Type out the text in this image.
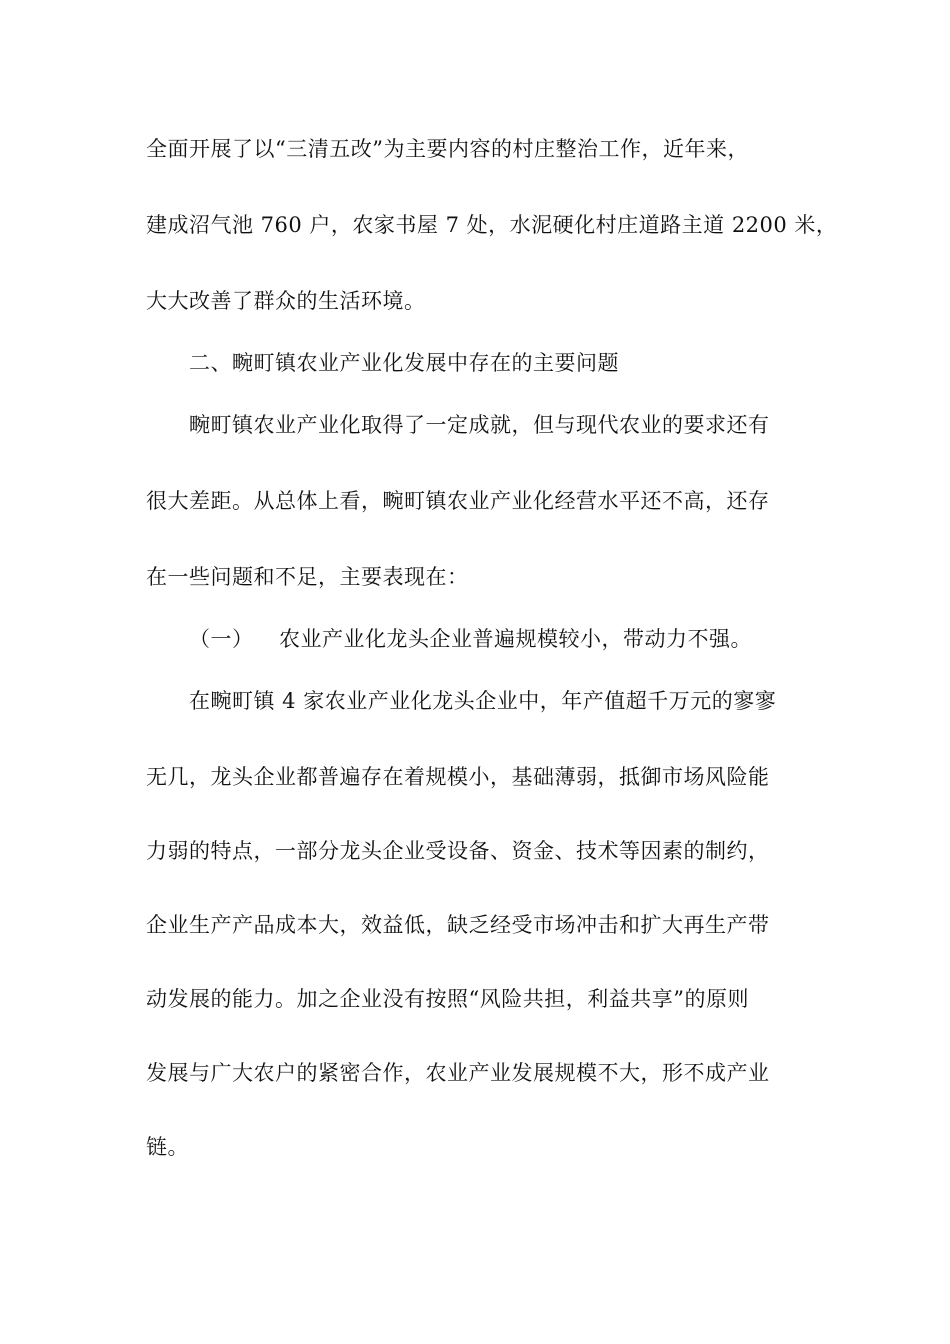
全面开展了以“三清五改”为主要内容的村庄整治工作，近年来，
建成沼气池 760 户，农家书屋 7 处，水泥硬化村庄道路主道 2200 米，
大大改善了群众的生活环境。
二、畹町镇农业产业化发展中存在的主要问题
畹町镇农业产业化取得了一定成就，但与现代农业的要求还有
很大差距。从总体上看，畹町镇农业产业化经营水平还不高，还存
在一些问题和不足，主要表现在：
（一） 农业产业化龙头企业普遍规模较小，带动力不强。
在畹町镇 4 家农业产业化龙头企业中，年产值超千万元的寥寥
无几，龙头企业都普遍存在着规模小，基础薄弱，抵御市场风险能
力弱的特点，一部分龙头企业受设备、资金、技术等因素的制约，
企业生产产品成本大，效益低，缺乏经受市场冲击和扩大再生产带
动发展的能力。加之企业没有按照“风险共担，利益共享”的原则
发展与广大农户的紧密合作，农业产业发展规模不大，形不成产业
链。
